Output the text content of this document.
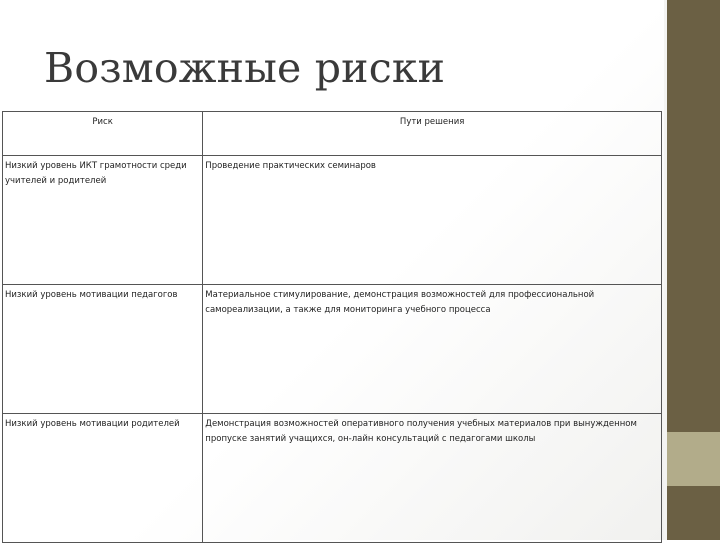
Возможные риски
Риск	Пути решения
Низкий уровень ИКТ грамотности среди учителей и родителей	Проведение практических семинаров
Низкий уровень мотивации педагогов	Материальное стимулирование, демонстрация возможностей для профессиональной самореализации, а также для мониторинга учебного процесса
Низкий уровень мотивации родителей	Демонстрация возможностей оперативного получения учебных материалов при вынужденном пропуске занятий учащихся, он-лайн консультаций с педагогами школы
